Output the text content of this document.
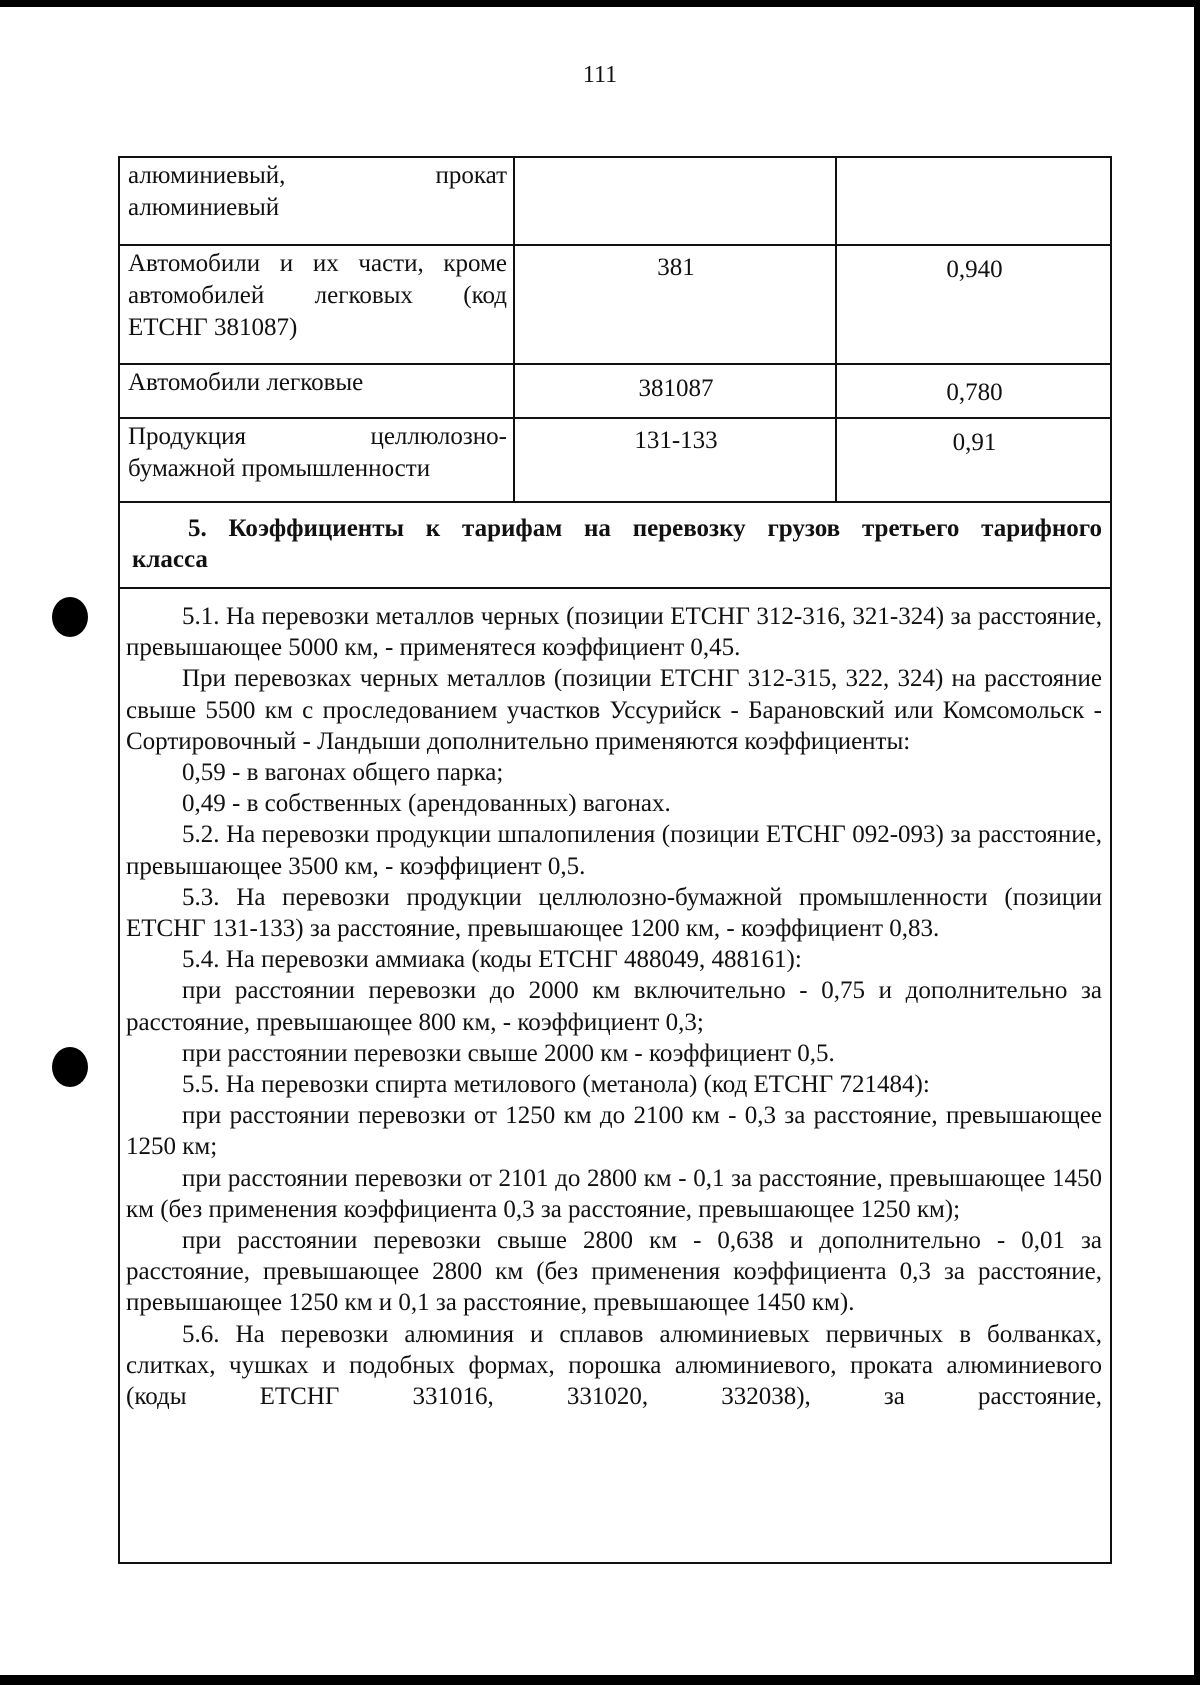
111
алюминиевый, прокат
алюминиевый		

Автомобили и их части, кроме
автомобилей легковых (код
ЕТСНГ 381087)	381	0,940
Автомобили легковые	381087	0,780

Продукция целлюлозно-
бумажной промышленности	131-133	0,91
5. Коэффициенты к тарифам на перевозку грузов третьего тарифного
класса

5.1. На перевозки металлов черных (позиции ЕТСНГ 312-316, 321-324) за расстояние, превышающее 5000 км, - применятеся коэффициент 0,45.

При перевозках черных металлов (позиции ЕТСНГ 312-315, 322, 324) на расстояние свыше 5500 км с проследованием участков Уссурийск - Барановский или Комсомольск - Сортировочный - Ландыши дополнительно применяются коэффициенты:

0,59 - в вагонах общего парка;

0,49 - в собственных (арендованных) вагонах.

5.2. На перевозки продукции шпалопиления (позиции ЕТСНГ 092-093) за расстояние, превышающее 3500 км, - коэффициент 0,5.

5.3. На перевозки продукции целлюлозно-бумажной промышленности (позиции ЕТСНГ 131-133) за расстояние, превышающее 1200 км, - коэффициент 0,83.

5.4. На перевозки аммиака (коды ЕТСНГ 488049, 488161):

при расстоянии перевозки до 2000 км включительно - 0,75 и дополнительно за расстояние, превышающее 800 км, - коэффициент 0,3;

при расстоянии перевозки свыше 2000 км - коэффициент 0,5.

5.5. На перевозки спирта метилового (метанола) (код ЕТСНГ 721484):

при расстоянии перевозки от 1250 км до 2100 км - 0,3 за расстояние, превышающее 1250 км;

при расстоянии перевозки от 2101 до 2800 км - 0,1 за расстояние, превышающее 1450 км (без применения коэффициента 0,3 за расстояние, превышающее 1250 км);

при расстоянии перевозки свыше 2800 км - 0,638 и дополнительно - 0,01 за расстояние, превышающее 2800 км (без применения коэффициента 0,3 за расстояние, превышающее 1250 км и 0,1 за расстояние, превышающее 1450 км).

5.6. На перевозки алюминия и сплавов алюминиевых первичных в болванках, слитках, чушках и подобных формах, порошка алюминиевого, проката алюминиевого (коды ЕТСНГ 331016, 331020, 332038), за расстояние,
